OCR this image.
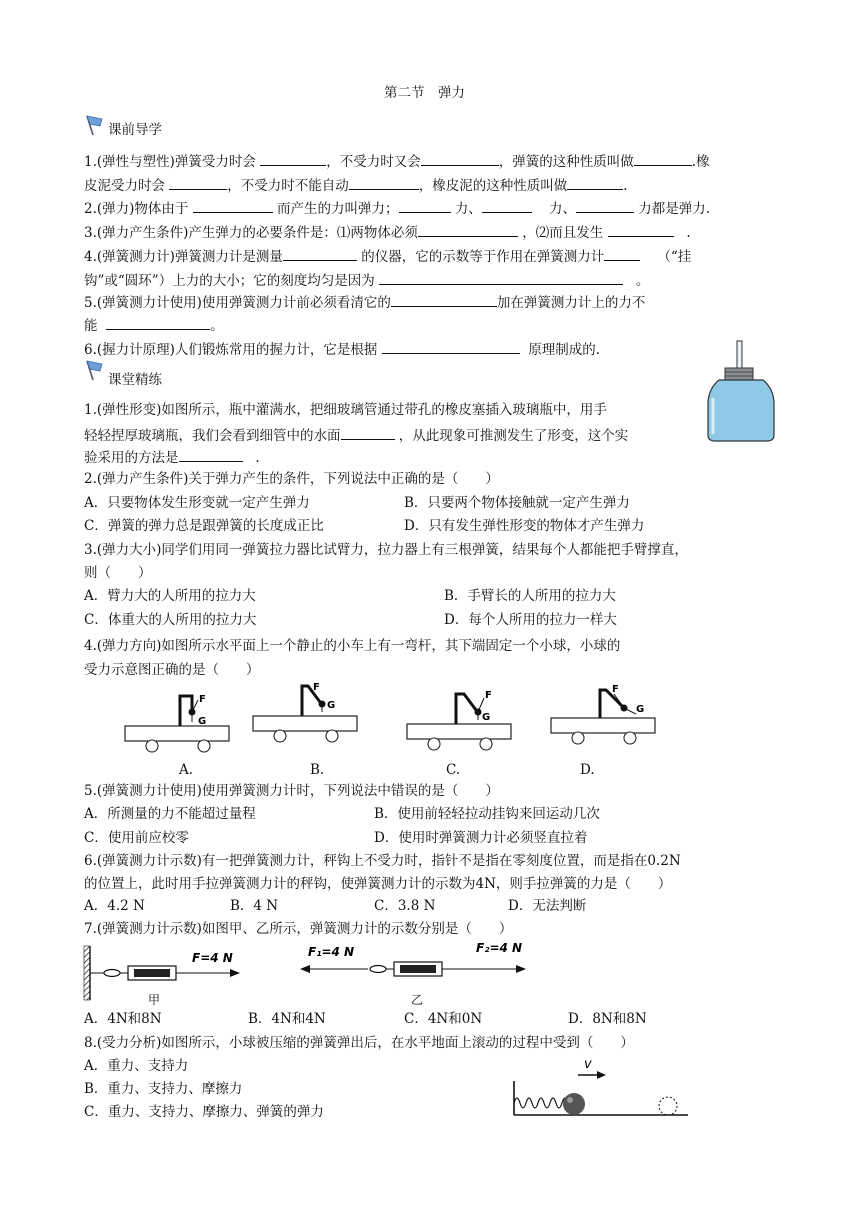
第二节　弹力
课前导学
1.(弹性与塑性)弹簧受力时会	，不受力时又会	，弹簧的这种性质叫做	.橡
皮泥受力时会	，不受力时不能自动	，橡皮泥的这种性质叫做	.
2.(弹力)物体由于	而产生的力叫弹力；	力、	力、	力都是弹力.
3.(弹力产生条件)产生弹力的必要条件是：⑴两物体必须	，⑵而且发生	.
4.(弹簧测力计)弹簧测力计是测量	的仪器，它的示数等于作用在弹簧测力计	（“挂
钩”或“圆环”）上力的大小；它的刻度均匀是因为	。
5.(弹簧测力计使用)使用弹簧测力计前必须看清它的	加在弹簧测力计上的力不
能	。
6.(握力计原理)人们锻炼常用的握力计，它是根据	原理制成的.
课堂精练
1.(弹性形变)如图所示，瓶中灌满水，把细玻璃管通过带孔的橡皮塞插入玻璃瓶中，用手
轻轻捏厚玻璃瓶，我们会看到细管中的水面	，从此现象可推测发生了形变，这个实
验采用的方法是	.
2.(弹力产生条件)关于弹力产生的条件，下列说法中正确的是（　　）
A．只要物体发生形变就一定产生弹力	B．只要两个物体接触就一定产生弹力
C．弹簧的弹力总是跟弹簧的长度成正比	D．只有发生弹性形变的物体才产生弹力
3.(弹力大小)同学们用同一弹簧拉力器比试臂力，拉力器上有三根弹簧，结果每个人都能把手臂撑直，
则（　　）
A．臂力大的人所用的拉力大	B．手臂长的人所用的拉力大
C．体重大的人所用的拉力大	D．每个人所用的拉力一样大
4.(弹力方向)如图所示水平面上一个静止的小车上有一弯杆，其下端固定一个小球，小球的
受力示意图正确的是（　　）
F
G
F
G
F
G
F
G
A.	B.	C.	D.
5.(弹簧测力计使用)使用弹簧测力计时，下列说法中错误的是（　　）
A．所测量的力不能超过量程	B．使用前轻轻拉动挂钩来回运动几次
C．使用前应校零	D．使用时弹簧测力计必须竖直拉着
6.(弹簧测力计示数)有一把弹簧测力计，秤钩上不受力时，指针不是指在零刻度位置，而是指在0.2N
的位置上，此时用手拉弹簧测力计的秤钩，使弹簧测力计的示数为4N，则手拉弹簧的力是（　　）
A．4.2 N	B．4 N	C．3.8 N	D．无法判断
7.(弹簧测力计示数)如图甲、乙所示，弹簧测力计的示数分别是（　　）
F=4 N
甲
F₁=4 N	F₂=4 N
乙
A．4N和8N	B．4N和4N	C．4N和0N	D．8N和8N
8.(受力分析)如图所示，小球被压缩的弹簧弹出后，在水平地面上滚动的过程中受到（　　）
A．重力、支持力
B．重力、支持力、摩擦力
C．重力、支持力、摩擦力、弹簧的弹力
v
